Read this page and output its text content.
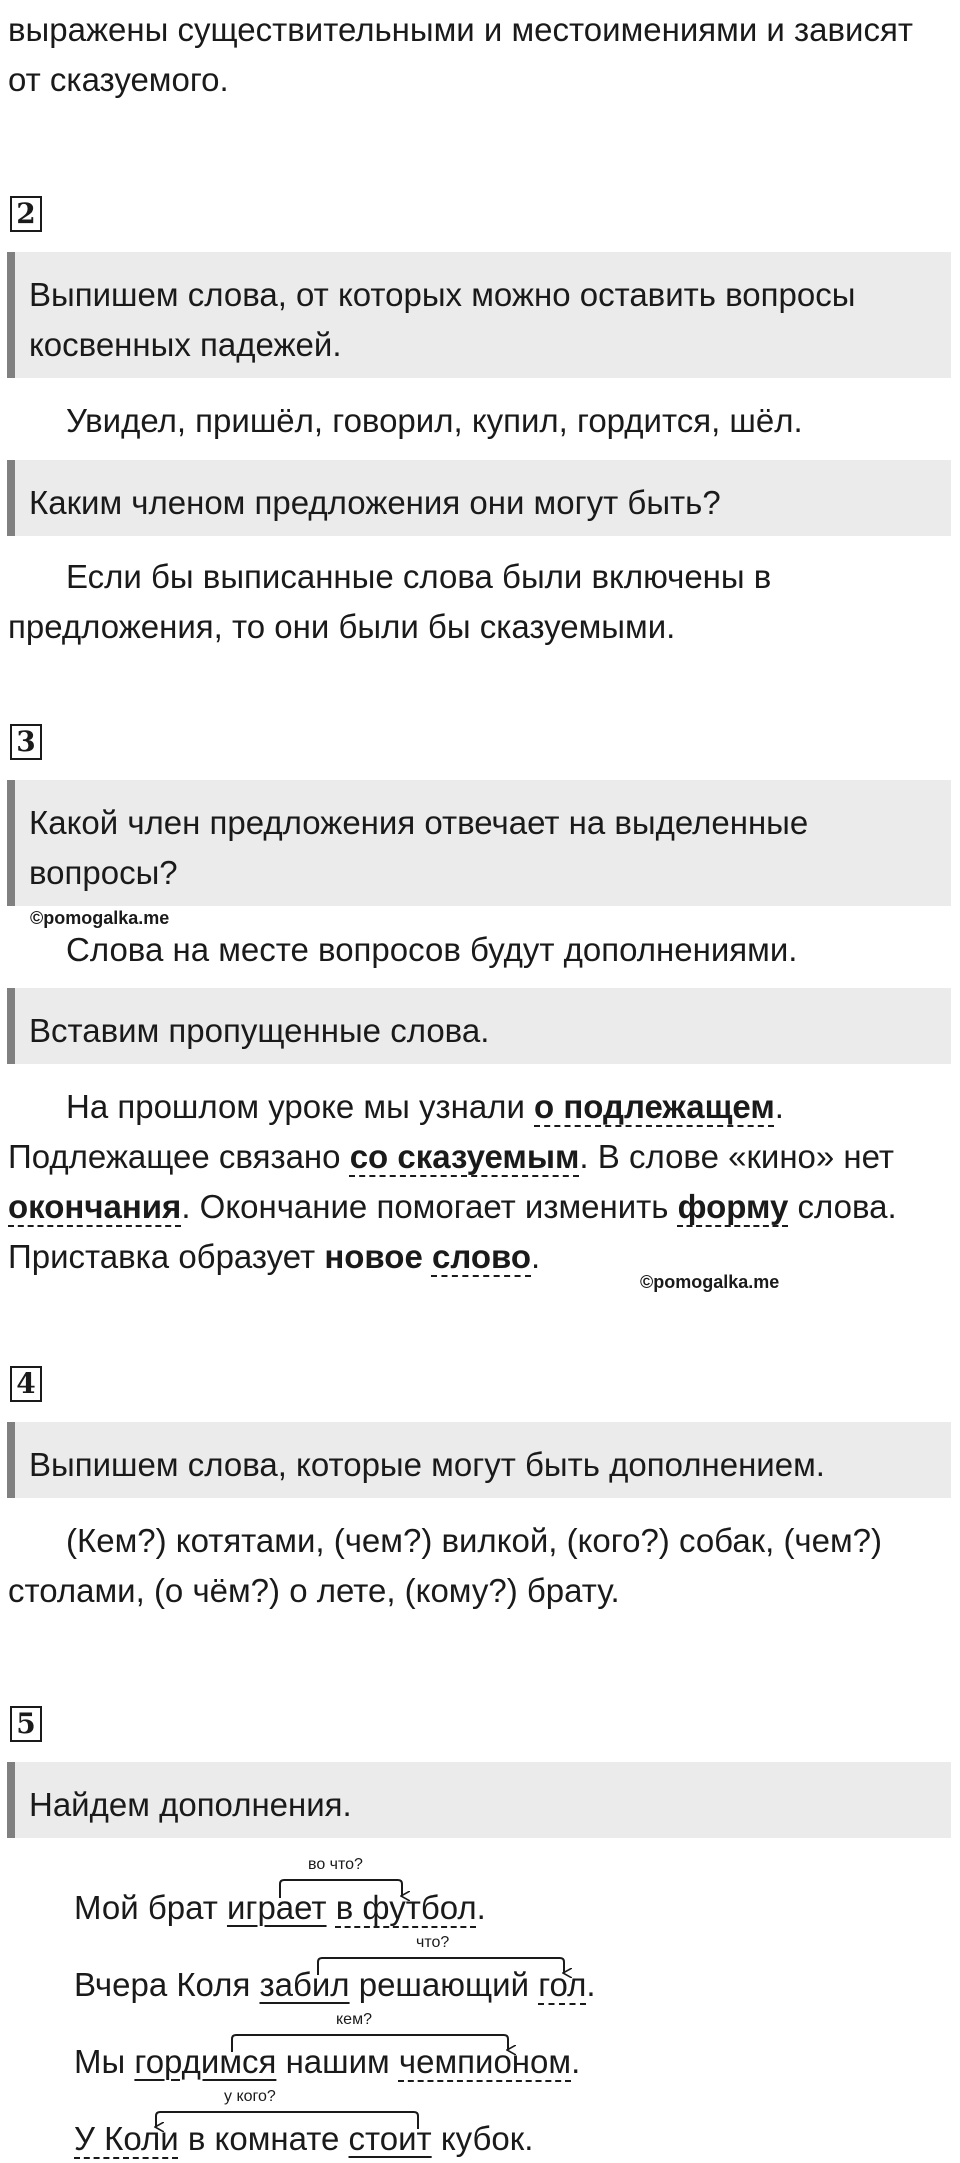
выражены существительными и местоимениями и зависят
от сказуемого.

2
Выпишем слова, от которых можно оставить вопросы косвенных падежей.

Увидел, пришёл, говорил, купил, гордится, шёл.

Каким членом предложения они могут быть?

Если бы выписанные слова были включены в предложения, то они были бы сказуемыми.

3
Какой член предложения отвечает на выделенные вопросы?
©pomogalka.me

Слова на месте вопросов будут дополнениями.

Вставим пропущенные слова.

На прошлом уроке мы узнали о подлежащем. Подлежащее связано со сказуемым. В слове «кино» нет окончания. Окончание помогает изменить форму слова. Приставка образует новое слово.

©pomogalka.me
4
Выпишем слова, которые могут быть дополнением.

(Кем?) котятами, (чем?) вилкой, (кого?) собак, (чем?) столами, (о чём?) о лете, (кому?) брату.

5
Найдем дополнения.
Мой брат играет в футбол.
Вчера Коля забил решающий гол.
Мы гордимся нашим чемпионом.
У Коли в комнате стоит кубок.
во что?
что?
кем?
у кого?
